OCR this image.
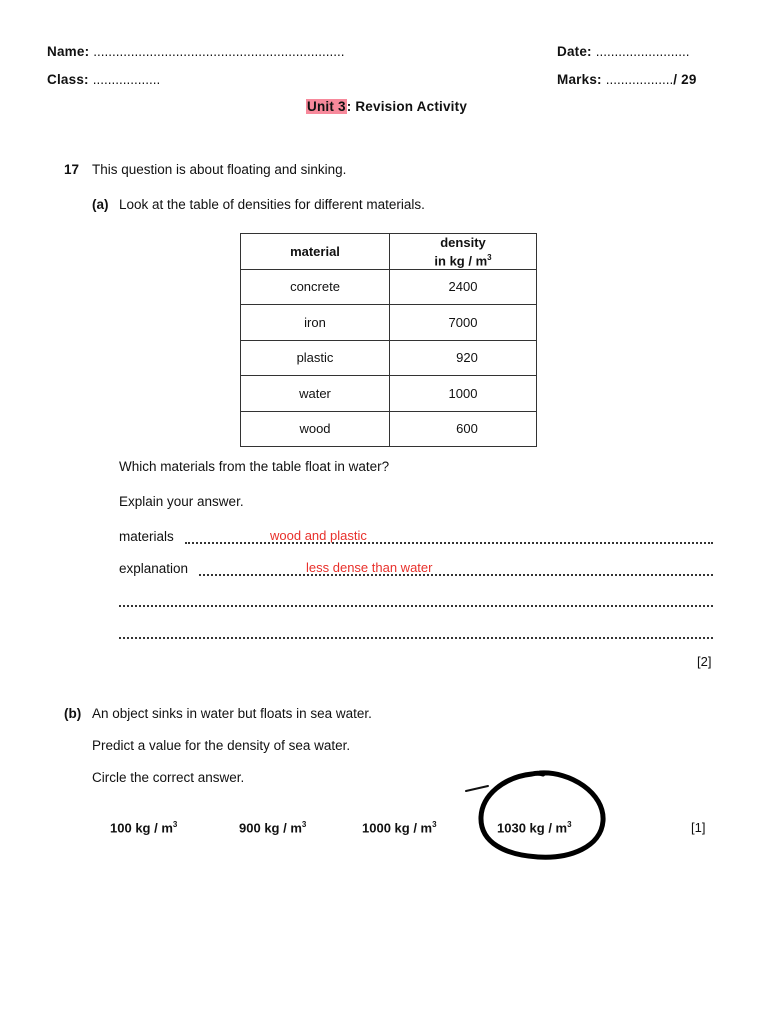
Name: ...................................................................	Date: .........................
Class: ..................	Marks: ................../ 29
Unit 3: Revision Activity
17 This question is about floating and sinking.
(a) Look at the table of densities for different materials.
material	density
in kg / $m^3$
concrete	2400
iron	7000
plastic	920
water	1000
wood	600
Which materials from the table float in water?
Explain your answer.
materials	wood and plastic
explanation	less dense than water
[2]
(b) An object sinks in water but floats in sea water.
Predict a value for the density of sea water.
Circle the correct answer.
100 kg / $m^3$	900 kg / $m^3$	1000 kg / $m^3$	1030 kg / $m^3$	[1]
